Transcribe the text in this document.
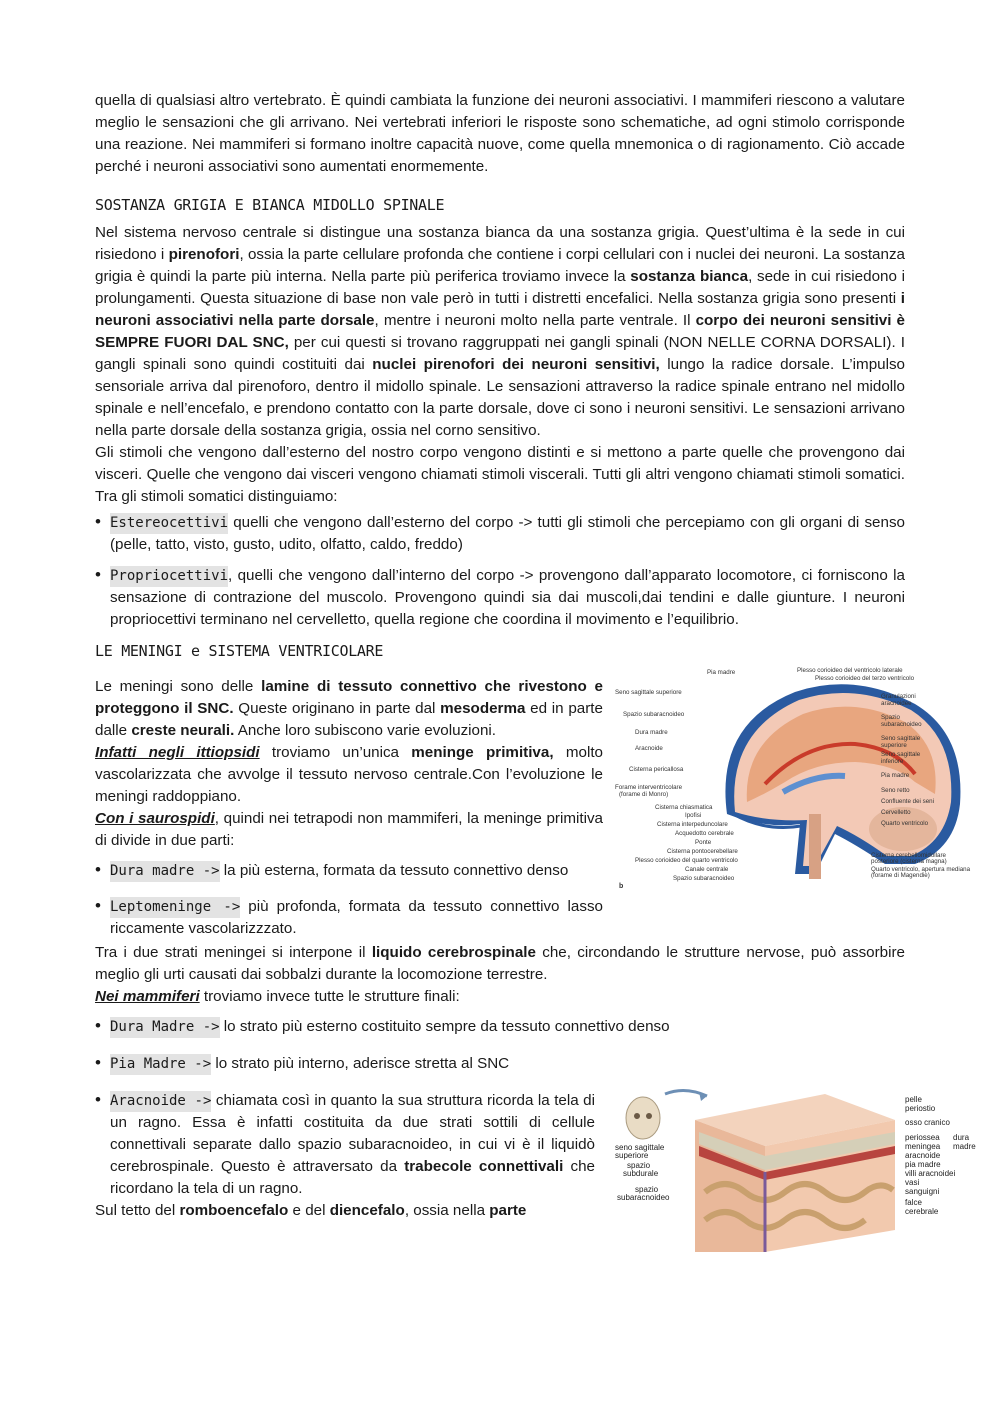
quella di qualsiasi altro vertebrato. È quindi cambiata la funzione dei neuroni associativi. I mammiferi riescono a valutare meglio le sensazioni che gli arrivano. Nei vertebrati inferiori le risposte sono schematiche, ad ogni stimolo corrisponde una reazione. Nei mammiferi si formano inoltre capacità nuove, come quella mnemonica o di ragionamento. Ciò accade perché i neuroni associativi sono aumentati enormemente.

SOSTANZA GRIGIA E BIANCA MIDOLLO SPINALE

Nel sistema nervoso centrale si distingue una sostanza bianca da una sostanza grigia. Quest’ultima è la sede in cui risiedono i pirenofori, ossia la parte cellulare profonda che contiene i corpi cellulari con i nuclei dei neuroni. La sostanza grigia è quindi la parte più interna. Nella parte più periferica troviamo invece la sostanza bianca, sede in cui risiedono i prolungamenti. Questa situazione di base non vale però in tutti i distretti encefalici. Nella sostanza grigia sono presenti i neuroni associativi nella parte dorsale, mentre i neuroni molto nella parte ventrale. Il corpo dei neuroni sensitivi è SEMPRE FUORI DAL SNC, per cui questi si trovano raggruppati nei gangli spinali (NON NELLE CORNA DORSALI). I gangli spinali sono quindi costituiti dai nuclei pirenofori dei neuroni sensitivi, lungo la radice dorsale. L’impulso sensoriale arriva dal pirenoforo, dentro il midollo spinale. Le sensazioni attraverso la radice spinale entrano nel midollo spinale e nell’encefalo, e prendono contatto con la parte dorsale, dove ci sono i neuroni sensitivi. Le sensazioni arrivano nella parte dorsale della sostanza grigia, ossia nel corno sensitivo.

Gli stimoli che vengono dall’esterno del nostro corpo vengono distinti e si mettono a parte quelle che provengono dai visceri. Quelle che vengono dai visceri vengono chiamati stimoli viscerali. Tutti gli altri vengono chiamati stimoli somatici. Tra gli stimoli somatici distinguiamo:

• Estereocettivi quelli che vengono dall’esterno del corpo -> tutti gli stimoli che percepiamo con gli organi di senso (pelle, tatto, visto, gusto, udito, olfatto, caldo, freddo)
• Propriocettivi, quelli che vengono dall’interno del corpo -> provengono dall’apparato locomotore, ci forniscono la sensazione di contrazione del muscolo. Provengono quindi sia dai muscoli,dai tendini e dalle giunture. I neuroni propriocettivi terminano nel cervelletto, quella regione che coordina il movimento e l’equilibrio.
LE MENINGI e SISTEMA VENTRICOLARE

Le meningi sono delle lamine di tessuto connettivo che rivestono e proteggono il SNC. Queste originano in parte dal mesoderma ed in parte dalle creste neurali. Anche loro subiscono varie evoluzioni.

Infatti negli ittiopsidi troviamo un’unica meninge primitiva, molto vascolarizzata che avvolge il tessuto nervoso centrale.Con l’evoluzione le meningi raddoppiano.

Con i saurospidi, quindi nei tetrapodi non mammiferi, la meninge primitiva di divide in due parti:

• Dura madre -> la più esterna, formata da tessuto connettivo denso
• Leptomeninge -> più profonda, formata da tessuto connettivo lasso riccamente vascolarizzzato.
Seno sagittale superiore
Spazio subaracnoideo
Dura madre
Aracnoide
Cisterna pericallosa
Forame interventricolare
(forame di Monro)
Cisterna chiasmatica
Ipofisi
Cisterna interpeduncolare
Acquedotto cerebrale
Ponte
Cisterna pontocerebellare
Plesso corioideo del quarto ventricolo
Canale centrale
Spazio subaracnoideo
Pia madre	Plesso corioideo del ventricolo laterale
Plesso corioideo del terzo ventricolo
Granulazioni
aracnoidee
Spazio
subaracnoideo
Seno sagittale
superiore
Seno sagittale
inferiore
Pia madre
Seno retto
Confluente dei seni
Cervelletto
Quarto ventricolo
Cisterna cerebellomidollare
posteriore (cisterna magna)
Quarto ventricolo, apertura mediana
(forame di Magendie)
b

Tra i due strati meningei si interpone il liquido cerebrospinale che, circondando le strutture nervose, può assorbire meglio gli urti causati dai sobbalzi durante la locomozione terrestre.

Nei mammiferi troviamo invece tutte le strutture finali:

• Dura Madre -> lo strato più esterno costituito sempre da tessuto connettivo denso
• Pia Madre -> lo strato più interno, aderisce stretta al SNC
• Aracnoide -> chiamata così in quanto la sua struttura ricorda la tela di un ragno. Essa è infatti costituita da due strati sottili di cellule connettivali separate dallo spazio subaracnoideo, in cui vi è il liquidò cerebrospinale. Questo è attraversato da trabecole connettivali che ricordano la tela di un ragno.

Sul tetto del romboencefalo e del diencefalo, ossia nella parte

pelle
periostio
osso cranico
periossea
meningea
aracnoide
pia madre
villi aracnoidei
vasi
sanguigni
falce
cerebrale
dura
madre
seno sagittale
superiore
spazio
subdurale
spazio
subaracnoideo
